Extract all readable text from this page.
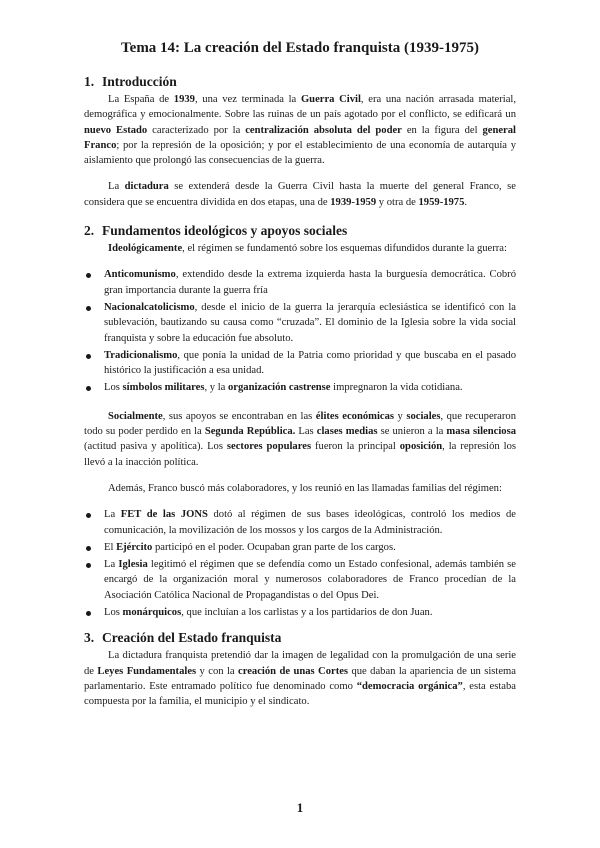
Tema 14: La creación del Estado franquista (1939-1975)
1. Introducción

La España de 1939, una vez terminada la Guerra Civil, era una nación arrasada material, demográfica y emocionalmente. Sobre las ruinas de un país agotado por el conflicto, se edificará un nuevo Estado caracterizado por la centralización absoluta del poder en la figura del general Franco; por la represión de la oposición; y por el establecimiento de una economía de autarquía y aislamiento que prolongó las consecuencias de la guerra.

La dictadura se extenderá desde la Guerra Civil hasta la muerte del general Franco, se considera que se encuentra dividida en dos etapas, una de 1939-1959 y otra de 1959-1975.

2. Fundamentos ideológicos y apoyos sociales

Ideológicamente, el régimen se fundamentó sobre los esquemas difundidos durante la guerra:

Anticomunismo, extendido desde la extrema izquierda hasta la burguesía democrática. Cobró gran importancia durante la guerra fría
Nacionalcatolicismo, desde el inicio de la guerra la jerarquía eclesiástica se identificó con la sublevación, bautizando su causa como “cruzada”. El dominio de la Iglesia sobre la vida social franquista y sobre la educación fue absoluto.
Tradicionalismo, que ponía la unidad de la Patria como prioridad y que buscaba en el pasado histórico la justificación a esa unidad.
Los símbolos militares, y la organización castrense impregnaron la vida cotidiana.

Socialmente, sus apoyos se encontraban en las élites económicas y sociales, que recuperaron todo su poder perdido en la Segunda República. Las clases medias se unieron a la masa silenciosa (actitud pasiva y apolítica). Los sectores populares fueron la principal oposición, la represión los llevó a la inacción política.

Además, Franco buscó más colaboradores, y los reunió en las llamadas familias del régimen:

La FET de las JONS dotó al régimen de sus bases ideológicas, controló los medios de comunicación, la movilización de los mossos y los cargos de la Administración.
El Ejército participó en el poder. Ocupaban gran parte de los cargos.
La Iglesia legitimó el régimen que se defendía como un Estado confesional, además también se encargó de la organización moral y numerosos colaboradores de Franco procedían de la Asociación Católica Nacional de Propagandistas o del Opus Dei.
Los monárquicos, que incluían a los carlistas y a los partidarios de don Juan.
3. Creación del Estado franquista

La dictadura franquista pretendió dar la imagen de legalidad con la promulgación de una serie de Leyes Fundamentales y con la creación de unas Cortes que daban la apariencia de un sistema parlamentario. Este entramado político fue denominado como “democracia orgánica”, esta estaba compuesta por la familia, el municipio y el sindicato.

1
